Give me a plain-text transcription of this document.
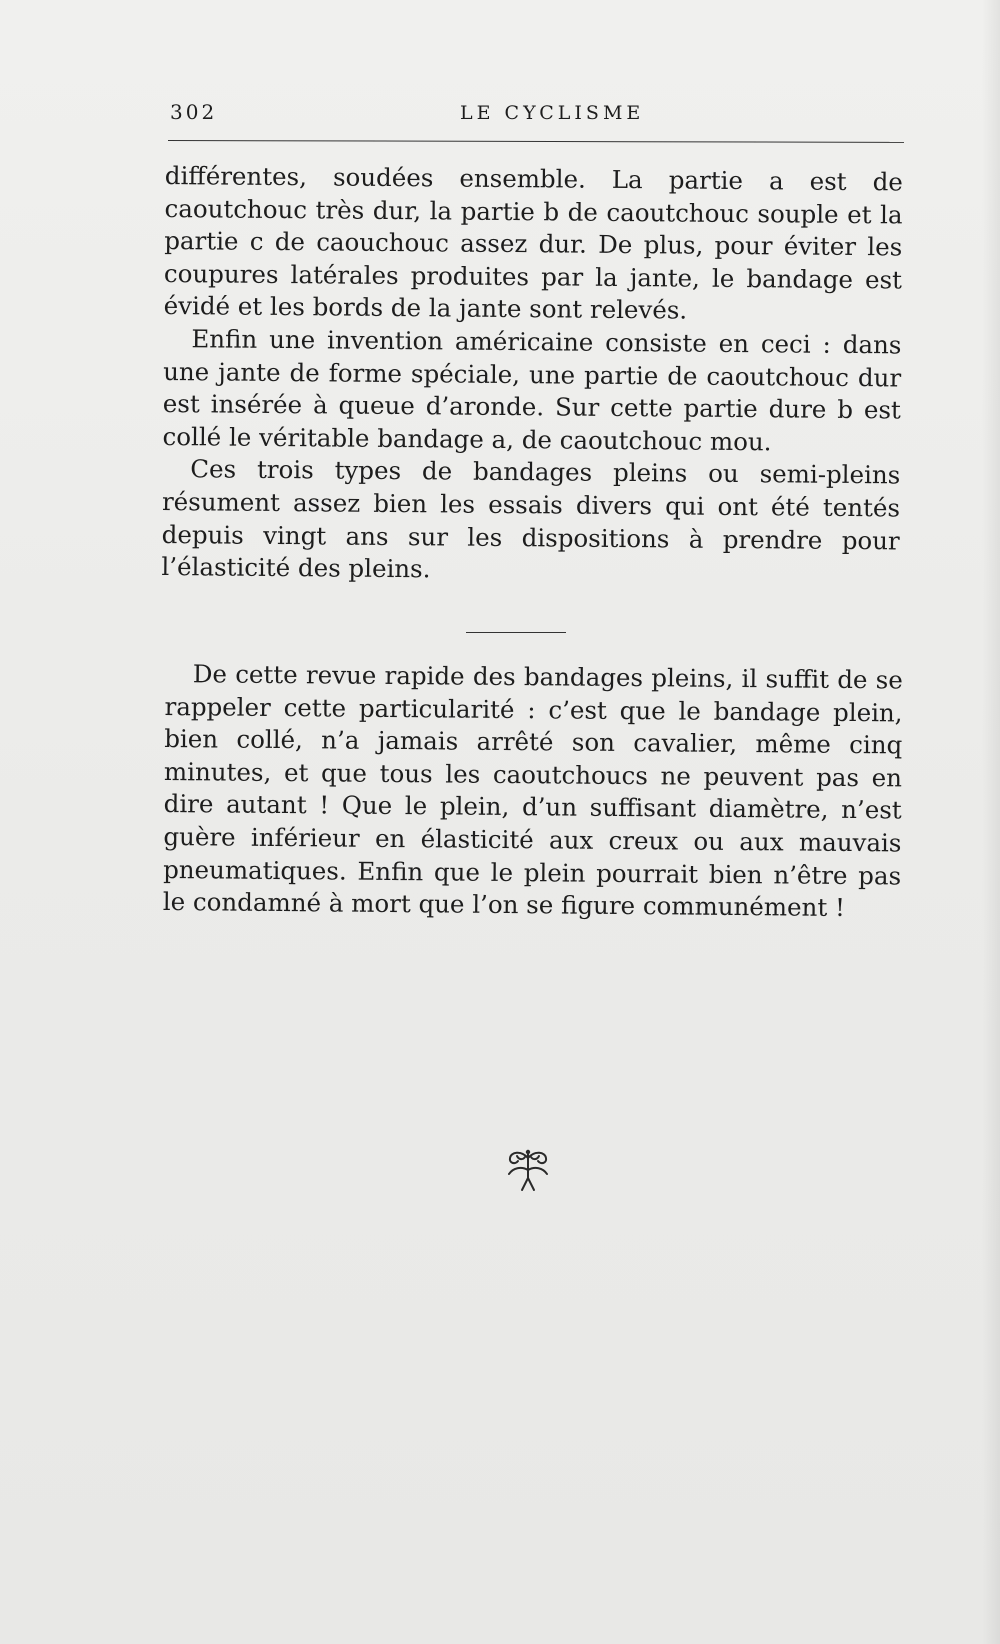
302	LE CYCLISME

différentes, soudées ensemble. La partie a est de caoutchouc très dur, la partie b de caoutchouc souple et la partie c de caouchouc assez dur. De plus, pour éviter les coupures latérales produites par la jante, le bandage est évidé et les bords de la jante sont relevés.

Enfin une invention américaine consiste en ceci : dans une jante de forme spéciale, une partie de caoutchouc dur est insérée à queue d’aronde. Sur cette partie dure b est collé le véritable bandage a, de caoutchouc mou.

Ces trois types de bandages pleins ou semi-pleins résument assez bien les essais divers qui ont été tentés depuis vingt ans sur les dispositions à prendre pour l’élasticité des pleins.

De cette revue rapide des bandages pleins, il suffit de se rappeler cette particularité : c’est que le bandage plein, bien collé, n’a jamais arrêté son cavalier, même cinq minutes, et que tous les caoutchoucs ne peuvent pas en dire autant ! Que le plein, d’un suffisant diamètre, n’est guère inférieur en élasticité aux creux ou aux mauvais pneumatiques. Enfin que le plein pourrait bien n’être pas le condamné à mort que l’on se figure communément !
